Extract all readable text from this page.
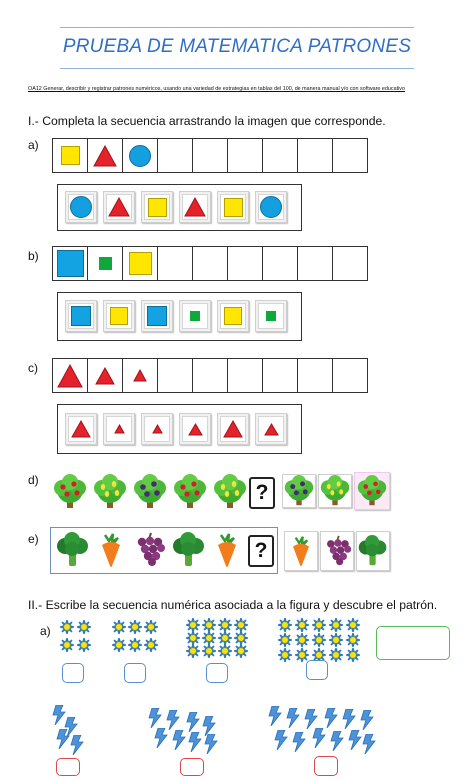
PRUEBA DE MATEMATICA PATRONES
OA12 Generar, describir y registrar patrones numéricos, usando una variedad de estrategias en tablas del 100, de manera manual y/o con software educativo
I.- Completa la secuencia arrastrando la imagen que corresponde.
a)
b)
c)
d)
?
e)	?
II.- Escribe la secuencia numérica asociada a la figura y descubre el patrón.
a)
